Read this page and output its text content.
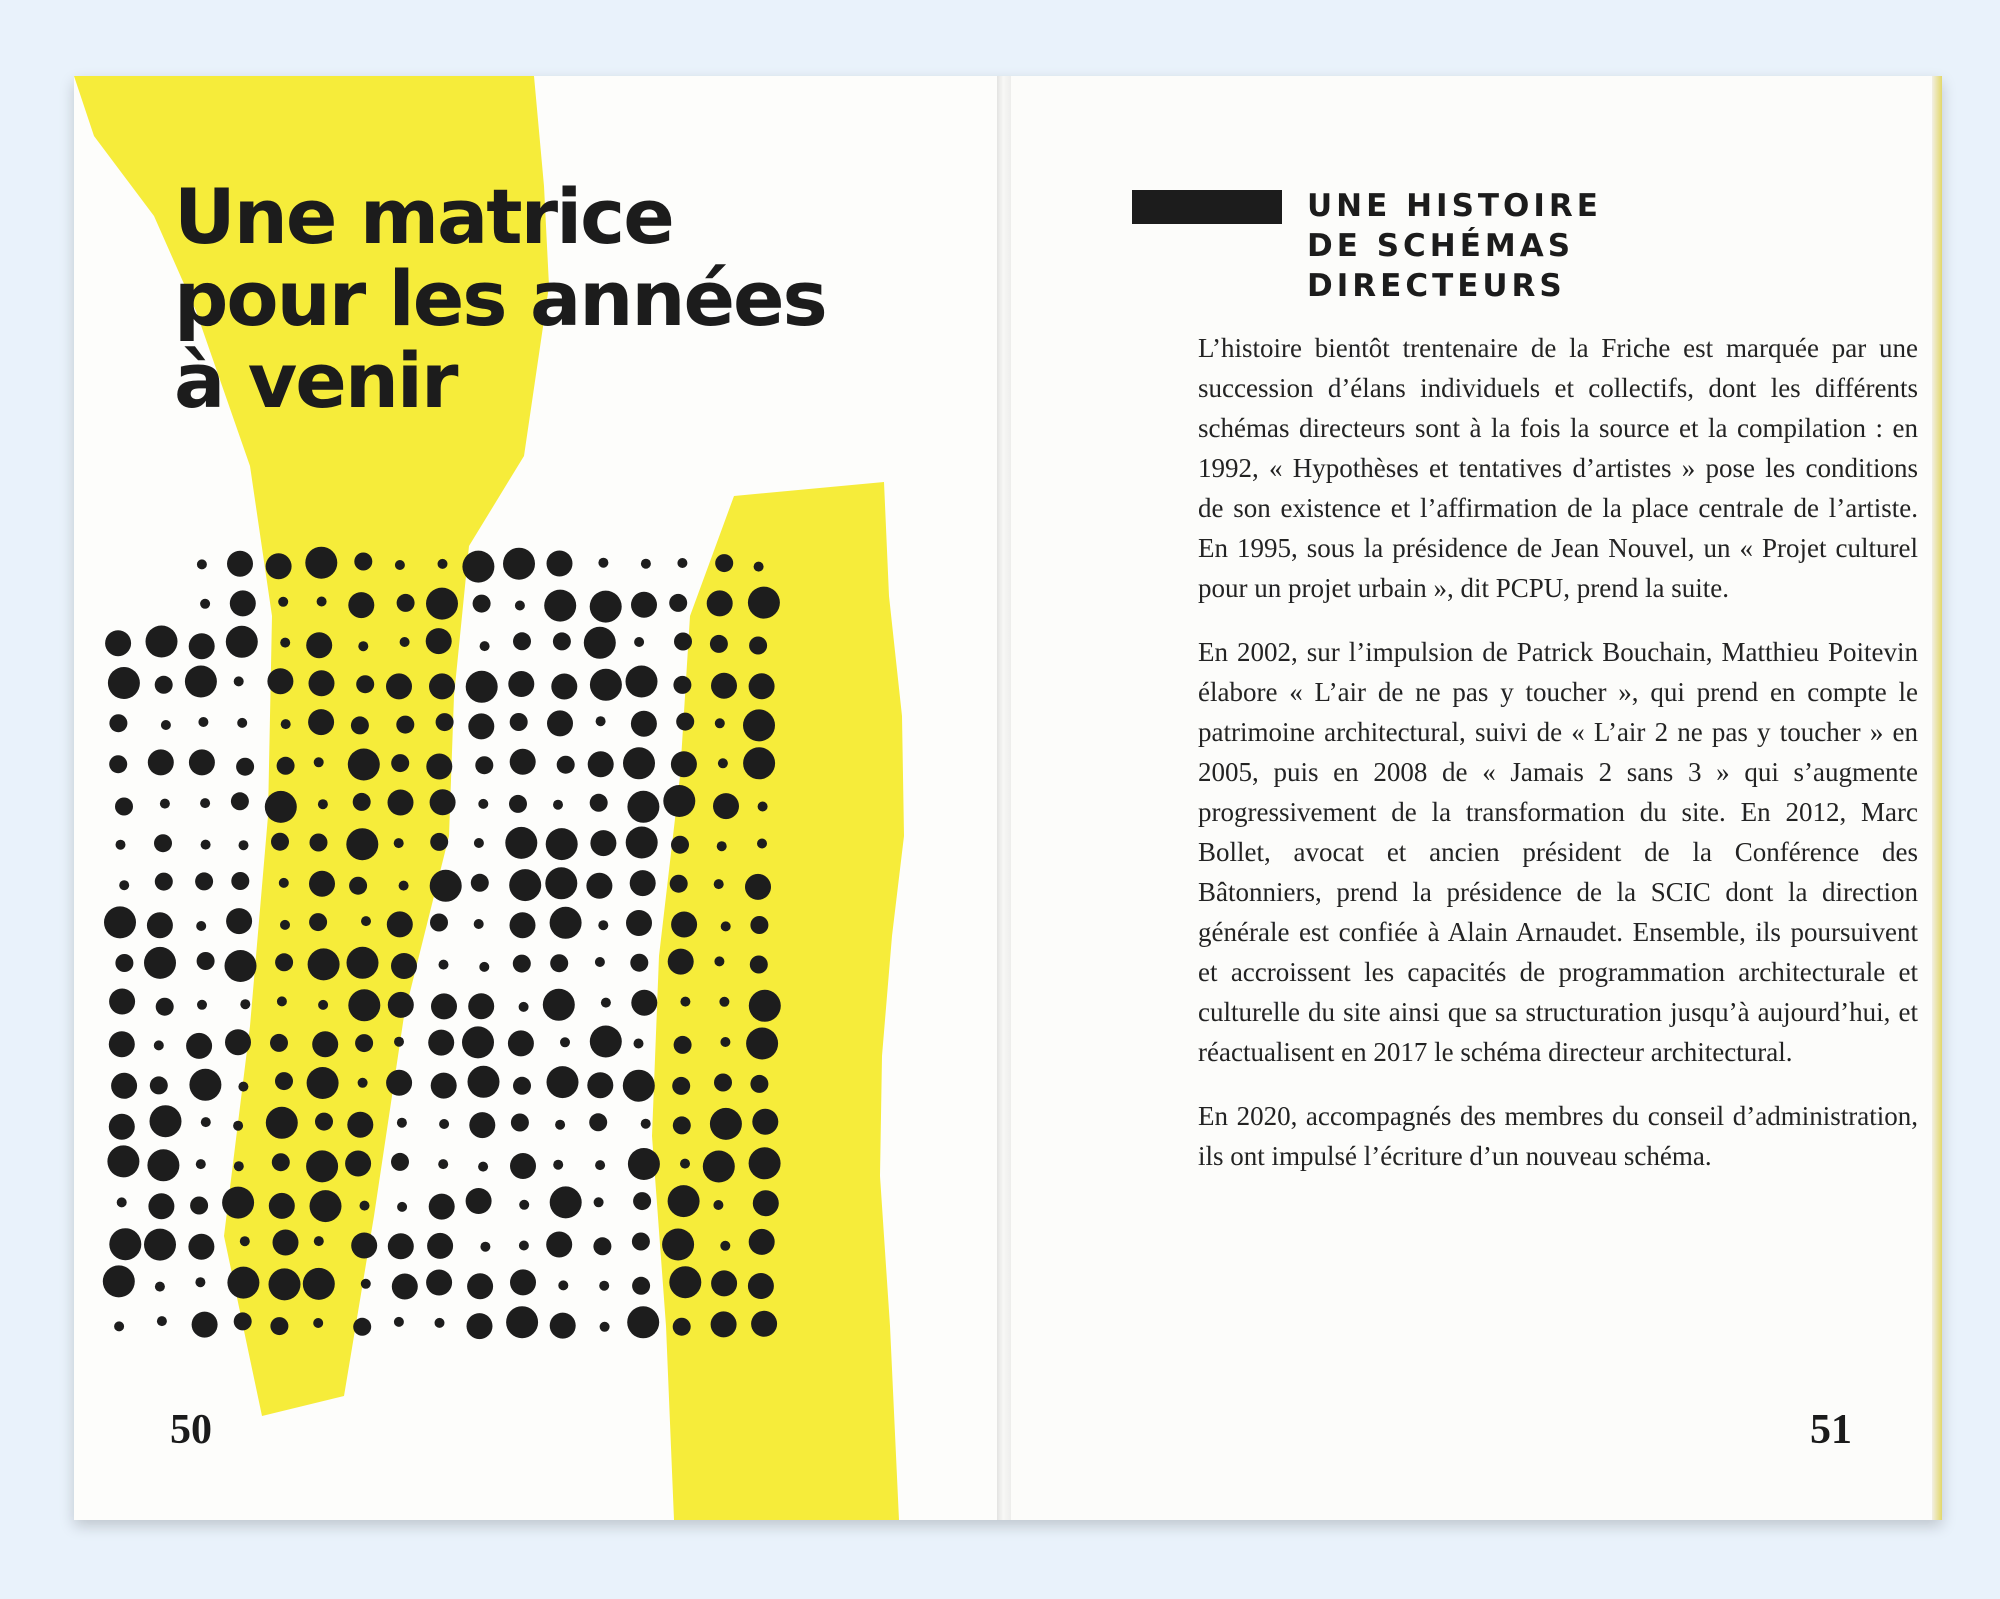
Une matrice
pour les années
à venir
50
UNE HISTOIRE
DE SCHÉMAS
DIRECTEURS

L’histoire bientôt trentenaire de la Friche est marquée par une succession d’élans individuels et collectifs, dont les différents schémas directeurs sont à la fois la source et la compilation : en 1992, « Hypothèses et tentatives d’artistes » pose les conditions de son existence et l’affirmation de la place centrale de l’artiste. En 1995, sous la présidence de Jean Nouvel, un « Projet culturel pour un projet urbain », dit PCPU, prend la suite.

En 2002, sur l’impulsion de Patrick Bouchain, Matthieu Poitevin élabore « L’air de ne pas y toucher », qui prend en compte le patrimoine architectural, suivi de « L’air 2 ne pas y toucher » en 2005, puis en 2008 de « Jamais 2 sans 3 » qui s’augmente progressivement de la transformation du site. En 2012, Marc Bollet, avocat et ancien président de la Conférence des Bâtonniers, prend la présidence de la SCIC dont la direction générale est confiée à Alain Arnaudet. Ensemble, ils poursuivent et accroissent les capacités de programmation architecturale et culturelle du site ainsi que sa structuration jusqu’à aujourd’hui, et réactualisent en 2017 le schéma directeur architectural.

En 2020, accompagnés des membres du conseil d’administration, ils ont impulsé l’écriture d’un nouveau schéma.

51
